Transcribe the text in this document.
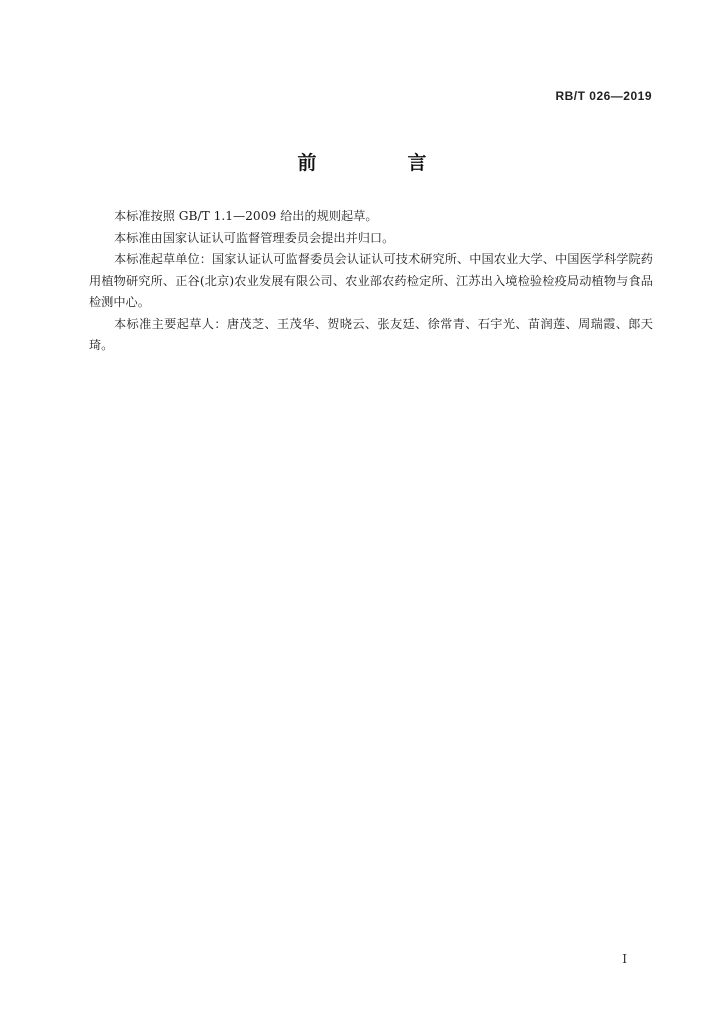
RB/T 026—2019
前　言

本标准按照 GB/T 1.1—2009 给出的规则起草。

本标准由国家认证认可监督管理委员会提出并归口。

本标准起草单位：国家认证认可监督委员会认证认可技术研究所、中国农业大学、中国医学科学院药用植物研究所、正谷(北京)农业发展有限公司、农业部农药检定所、江苏出入境检验检疫局动植物与食品检测中心。

本标准主要起草人：唐茂芝、王茂华、贺晓云、张友廷、徐常青、石宇光、苗润莲、周瑞霞、郎天琦。

I
